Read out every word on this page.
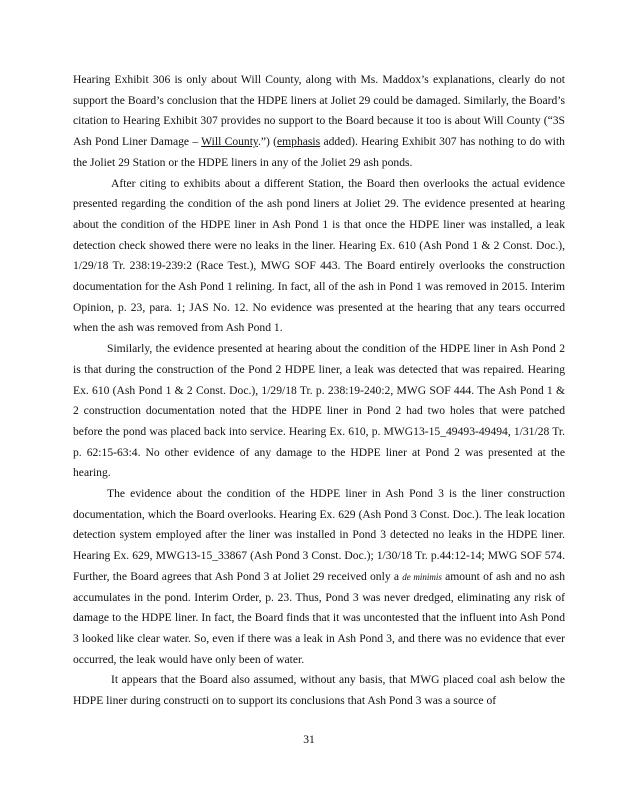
Hearing Exhibit 306 is only about Will County, along with Ms. Maddox’s explanations, clearly do not support the Board’s conclusion that the HDPE liners at Joliet 29 could be damaged. Similarly, the Board’s citation to Hearing Exhibit 307 provides no support to the Board because it too is about Will County (“3S Ash Pond Liner Damage – Will County.”) (emphasis added). Hearing Exhibit 307 has nothing to do with the Joliet 29 Station or the HDPE liners in any of the Joliet 29 ash ponds.

After citing to exhibits about a different Station, the Board then overlooks the actual evidence presented regarding the condition of the ash pond liners at Joliet 29. The evidence presented at hearing about the condition of the HDPE liner in Ash Pond 1 is that once the HDPE liner was installed, a leak detection check showed there were no leaks in the liner. Hearing Ex. 610 (Ash Pond 1 & 2 Const. Doc.), 1/29/18 Tr. 238:19-239:2 (Race Test.), MWG SOF 443. The Board entirely overlooks the construction documentation for the Ash Pond 1 relining. In fact, all of the ash in Pond 1 was removed in 2015. Interim Opinion, p. 23, para. 1; JAS No. 12. No evidence was presented at the hearing that any tears occurred when the ash was removed from Ash Pond 1.

Similarly, the evidence presented at hearing about the condition of the HDPE liner in Ash Pond 2 is that during the construction of the Pond 2 HDPE liner, a leak was detected that was repaired. Hearing Ex. 610 (Ash Pond 1 & 2 Const. Doc.), 1/29/18 Tr. p. 238:19-240:2, MWG SOF 444. The Ash Pond 1 & 2 construction documentation noted that the HDPE liner in Pond 2 had two holes that were patched before the pond was placed back into service. Hearing Ex. 610, p. MWG13-15_49493-49494, 1/31/28 Tr. p. 62:15-63:4. No other evidence of any damage to the HDPE liner at Pond 2 was presented at the hearing.

The evidence about the condition of the HDPE liner in Ash Pond 3 is the liner construction documentation, which the Board overlooks. Hearing Ex. 629 (Ash Pond 3 Const. Doc.). The leak location detection system employed after the liner was installed in Pond 3 detected no leaks in the HDPE liner. Hearing Ex. 629, MWG13-15_33867 (Ash Pond 3 Const. Doc.); 1/30/18 Tr. p.44:12-14; MWG SOF 574. Further, the Board agrees that Ash Pond 3 at Joliet 29 received only a de minimis amount of ash and no ash accumulates in the pond. Interim Order, p. 23. Thus, Pond 3 was never dredged, eliminating any risk of damage to the HDPE liner. In fact, the Board finds that it was uncontested that the influent into Ash Pond 3 looked like clear water. So, even if there was a leak in Ash Pond 3, and there was no evidence that ever occurred, the leak would have only been of water.

It appears that the Board also assumed, without any basis, that MWG placed coal ash below the HDPE liner during constructi on to support its conclusions that Ash Pond 3 was a source of

31
